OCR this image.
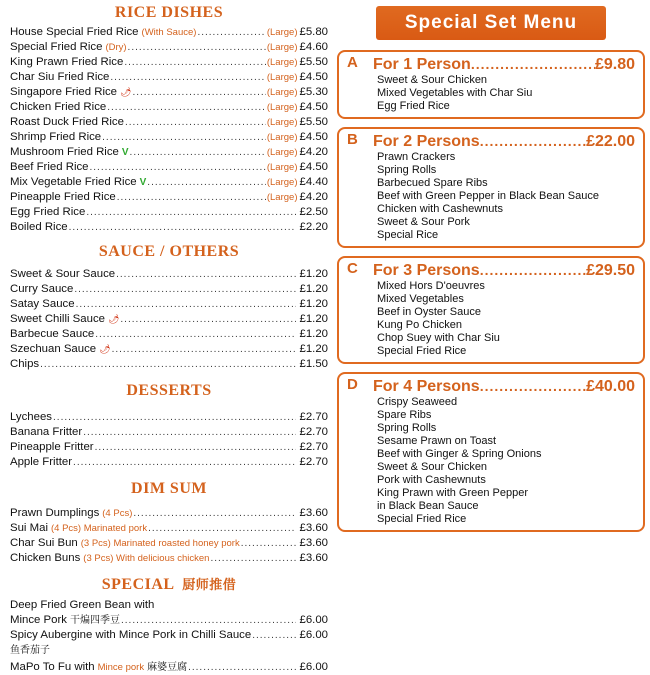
RICE DISHES
House Special Fried Rice (With Sauce) .....	(Large) £5.80
Special Fried Rice (Dry) .....	(Large) £4.60
King Prawn Fried Rice .....	(Large) £5.50
Char Siu Fried Rice .....	(Large) £4.50
Singapore Fried Rice 🌶 .....	(Large) £5.30
Chicken Fried Rice .....	(Large) £4.50
Roast Duck Fried Rice .....	(Large) £5.50
Shrimp Fried Rice .....	(Large) £4.50
Mushroom Fried Rice V .....	(Large) £4.20
Beef Fried Rice .....	(Large) £4.50
Mix Vegetable Fried Rice V .....	(Large) £4.40
Pineapple Fried Rice .....	(Large) £4.20
Egg Fried Rice .....	£2.50
Boiled Rice .....	£2.20
SAUCE / OTHERS
Sweet & Sour Sauce .....	£1.20
Curry Sauce .....	£1.20
Satay Sauce .....	£1.20
Sweet Chilli Sauce 🌶 .....	£1.20
Barbecue Sauce .....	£1.20
Szechuan Sauce 🌶 .....	£1.20
Chips .....	£1.50
DESSERTS
Lychees .....	£2.70
Banana Fritter .....	£2.70
Pineapple Fritter .....	£2.70
Apple Fritter .....	£2.70
DIM SUM
Prawn Dumplings (4 Pcs) .....	£3.60
Sui Mai (4 Pcs) Marinated pork .....	£3.60
Char Sui Bun (3 Pcs) Marinated roasted honey pork .....	£3.60
Chicken Buns (3 Pcs) With delicious chicken .....	£3.60
SPECIAL 厨师推借
Deep Fried Green Bean with
Mince Pork 干煸四季豆 .....	£6.00
Spicy Aubergine with Mince Pork in Chilli Sauce .....	£6.00
鱼香茄子
MaPo To Fu with Mince pork 麻婆豆腐 .....	£6.00
Special Set Menu
A For 1 Person .....	£9.80
Sweet & Sour Chicken
Mixed Vegetables with Char Siu
Egg Fried Rice
B For 2 Persons .....	£22.00
Prawn Crackers
Spring Rolls
Barbecued Spare Ribs
Beef with Green Pepper in Black Bean Sauce
Chicken with Cashewnuts
Sweet & Sour Pork
Special Rice
C For 3 Persons .....	£29.50
Mixed Hors D'oeuvres
Mixed Vegetables
Beef in Oyster Sauce
Kung Po Chicken
Chop Suey with Char Siu
Special Fried Rice
D For 4 Persons .....	£40.00
Crispy Seaweed
Spare Ribs
Spring Rolls
Sesame Prawn on Toast
Beef with Ginger & Spring Onions
Sweet & Sour Chicken
Pork with Cashewnuts
King Prawn with Green Pepper
in Black Bean Sauce
Special Fried Rice
